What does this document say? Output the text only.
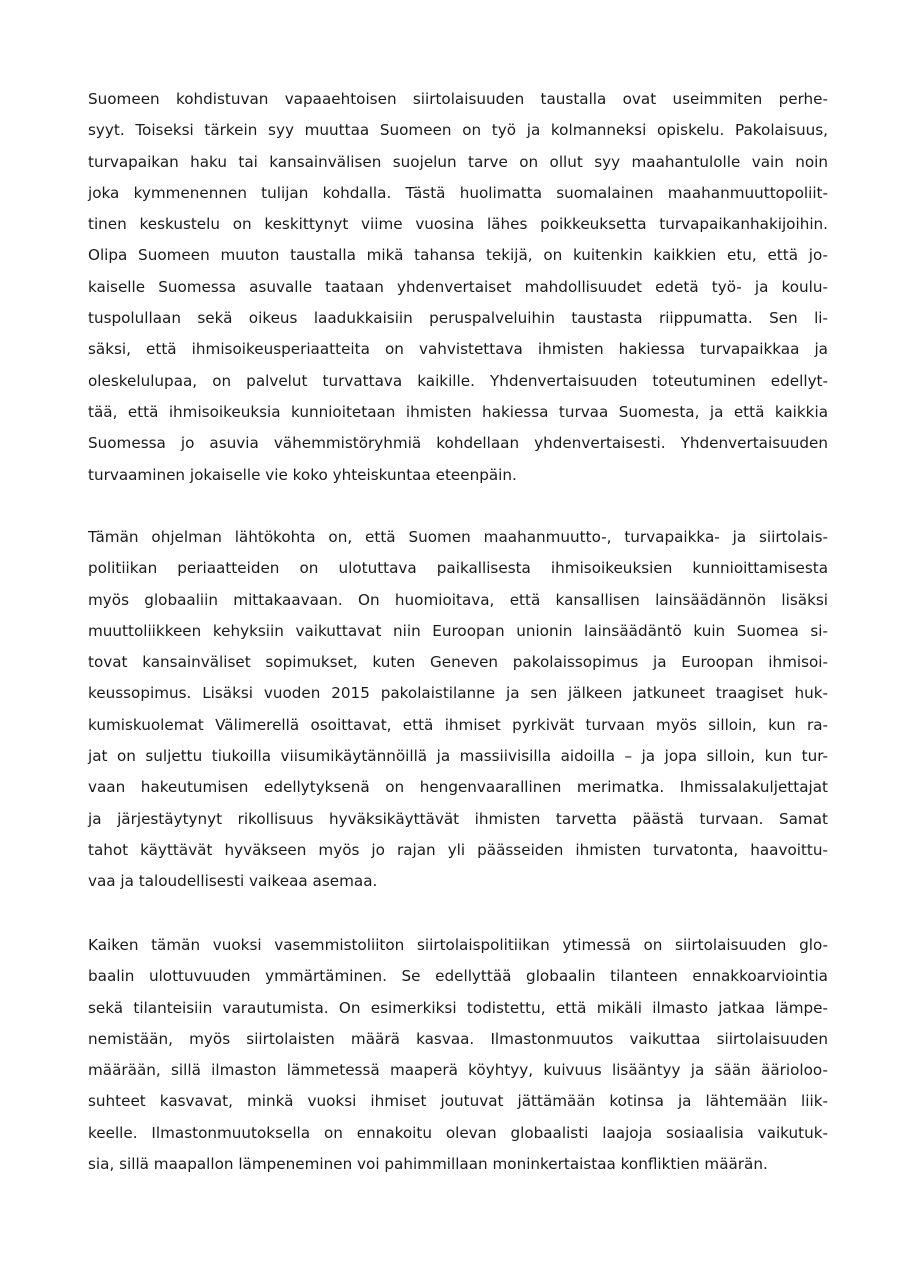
Suomeen kohdistuvan vapaaehtoisen siirtolaisuuden taustalla ovat useimmiten perhe-
syyt. Toiseksi tärkein syy muuttaa Suomeen on työ ja kolmanneksi opiskelu. Pakolaisuus,
turvapaikan haku tai kansainvälisen suojelun tarve on ollut syy maahantulolle vain noin
joka kymmenennen tulijan kohdalla. Tästä huolimatta suomalainen maahanmuuttopoliit-
tinen keskustelu on keskittynyt viime vuosina lähes poikkeuksetta turvapaikanhakijoihin.
Olipa Suomeen muuton taustalla mikä tahansa tekijä, on kuitenkin kaikkien etu, että jo-
kaiselle Suomessa asuvalle taataan yhdenvertaiset mahdollisuudet edetä työ- ja koulu-
tuspolullaan sekä oikeus laadukkaisiin peruspalveluihin taustasta riippumatta. Sen li-
säksi, että ihmisoikeusperiaatteita on vahvistettava ihmisten hakiessa turvapaikkaa ja
oleskelulupaa, on palvelut turvattava kaikille. Yhdenvertaisuuden toteutuminen edellyt-
tää, että ihmisoikeuksia kunnioitetaan ihmisten hakiessa turvaa Suomesta, ja että kaikkia
Suomessa jo asuvia vähemmistöryhmiä kohdellaan yhdenvertaisesti. Yhdenvertaisuuden
turvaaminen jokaiselle vie koko yhteiskuntaa eteenpäin.
Tämän ohjelman lähtökohta on, että Suomen maahanmuutto-, turvapaikka- ja siirtolais-
politiikan periaatteiden on ulotuttava paikallisesta ihmisoikeuksien kunnioittamisesta
myös globaaliin mittakaavaan. On huomioitava, että kansallisen lainsäädännön lisäksi
muuttoliikkeen kehyksiin vaikuttavat niin Euroopan unionin lainsäädäntö kuin Suomea si-
tovat kansainväliset sopimukset, kuten Geneven pakolaissopimus ja Euroopan ihmisoi-
keussopimus. Lisäksi vuoden 2015 pakolaistilanne ja sen jälkeen jatkuneet traagiset huk-
kumiskuolemat Välimerellä osoittavat, että ihmiset pyrkivät turvaan myös silloin, kun ra-
jat on suljettu tiukoilla viisumikäytännöillä ja massiivisilla aidoilla – ja jopa silloin, kun tur-
vaan hakeutumisen edellytyksenä on hengenvaarallinen merimatka. Ihmissalakuljettajat
ja järjestäytynyt rikollisuus hyväksikäyttävät ihmisten tarvetta päästä turvaan. Samat
tahot käyttävät hyväkseen myös jo rajan yli päässeiden ihmisten turvatonta, haavoittu-
vaa ja taloudellisesti vaikeaa asemaa.
Kaiken tämän vuoksi vasemmistoliiton siirtolaispolitiikan ytimessä on siirtolaisuuden glo-
baalin ulottuvuuden ymmärtäminen. Se edellyttää globaalin tilanteen ennakkoarviointia
sekä tilanteisiin varautumista. On esimerkiksi todistettu, että mikäli ilmasto jatkaa lämpe-
nemistään, myös siirtolaisten määrä kasvaa. Ilmastonmuutos vaikuttaa siirtolaisuuden
määrään, sillä ilmaston lämmetessä maaperä köyhtyy, kuivuus lisääntyy ja sään äärioloo-
suhteet kasvavat, minkä vuoksi ihmiset joutuvat jättämään kotinsa ja lähtemään liik-
keelle. Ilmastonmuutoksella on ennakoitu olevan globaalisti laajoja sosiaalisia vaikutuk-
sia, sillä maapallon lämpeneminen voi pahimmillaan moninkertaistaa konfliktien määrän.
